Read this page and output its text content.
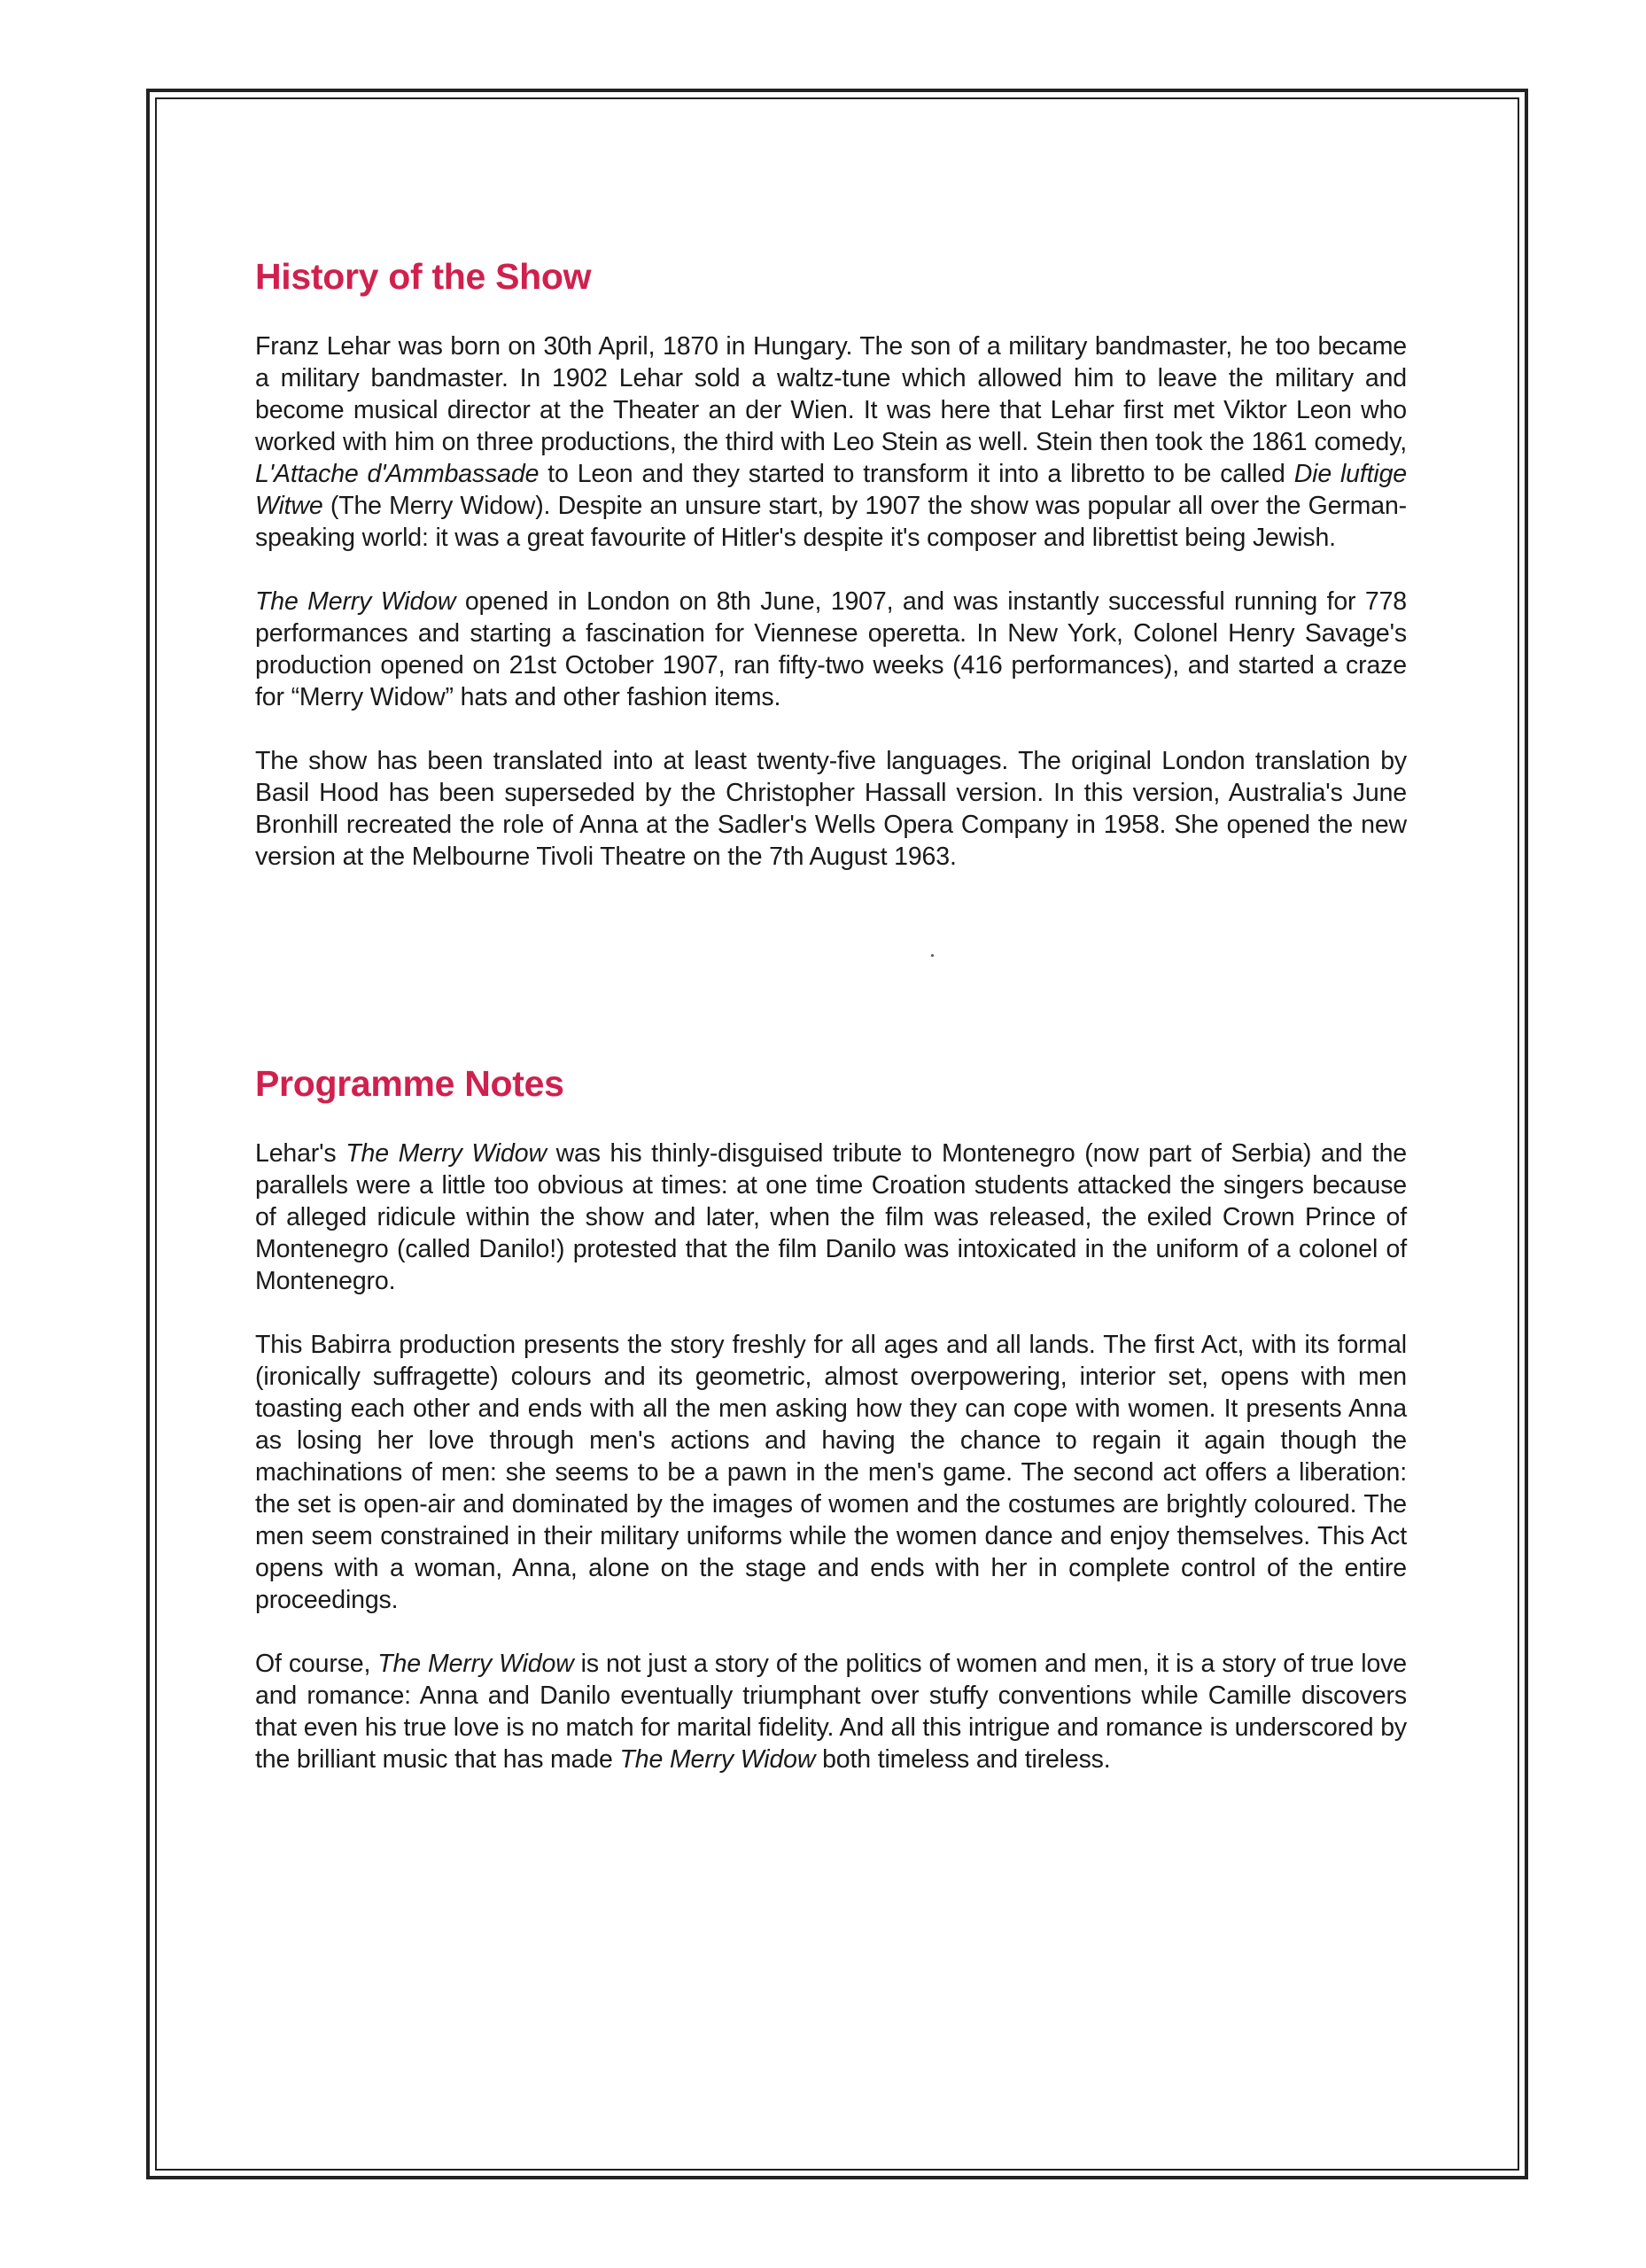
History of the Show

Franz Lehar was born on 30th April, 1870 in Hungary. The son of a military bandmaster, he too became a military bandmaster. In 1902 Lehar sold a waltz-tune which allowed him to leave the military and become musical director at the Theater an der Wien. It was here that Lehar first met Viktor Leon who worked with him on three productions, the third with Leo Stein as well. Stein then took the 1861 comedy, L'Attache d'Ammbassade to Leon and they started to transform it into a libretto to be called Die luftige Witwe (The Merry Widow). Despite an unsure start, by 1907 the show was popular all over the German-speaking world: it was a great favourite of Hitler's despite it's composer and librettist being Jewish.

The Merry Widow opened in London on 8th June, 1907, and was instantly successful running for 778 performances and starting a fascination for Viennese operetta. In New York, Colonel Henry Savage's production opened on 21st October 1907, ran fifty-two weeks (416 performances), and started a craze for “Merry Widow” hats and other fashion items.

The show has been translated into at least twenty-five languages. The original London translation by Basil Hood has been superseded by the Christopher Hassall version. In this version, Australia's June Bronhill recreated the role of Anna at the Sadler's Wells Opera Company in 1958. She opened the new version at the Melbourne Tivoli Theatre on the 7th August 1963.

Programme Notes

Lehar's The Merry Widow was his thinly-disguised tribute to Montenegro (now part of Serbia) and the parallels were a little too obvious at times: at one time Croation students attacked the singers because of alleged ridicule within the show and later, when the film was released, the exiled Crown Prince of Montenegro (called Danilo!) protested that the film Danilo was intoxicated in the uniform of a colonel of Montenegro.

This Babirra production presents the story freshly for all ages and all lands. The first Act, with its formal (ironically suffragette) colours and its geometric, almost overpowering, interior set, opens with men toasting each other and ends with all the men asking how they can cope with women. It presents Anna as losing her love through men's actions and having the chance to regain it again though the machinations of men: she seems to be a pawn in the men's game. The second act offers a liberation: the set is open-air and dominated by the images of women and the costumes are brightly coloured. The men seem constrained in their military uniforms while the women dance and enjoy themselves. This Act opens with a woman, Anna, alone on the stage and ends with her in complete control of the entire proceedings.

Of course, The Merry Widow is not just a story of the politics of women and men, it is a story of true love and romance: Anna and Danilo eventually triumphant over stuffy conventions while Camille discovers that even his true love is no match for marital fidelity. And all this intrigue and romance is underscored by the brilliant music that has made The Merry Widow both timeless and tireless.
